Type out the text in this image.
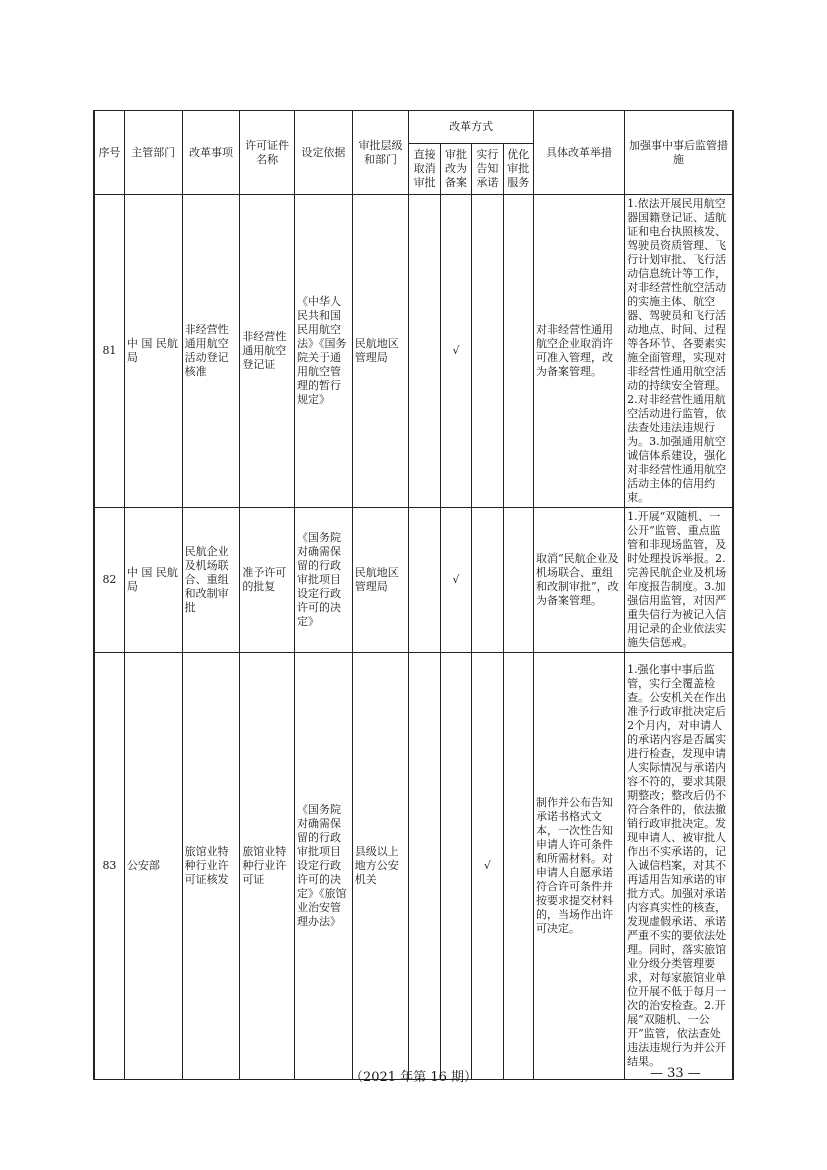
序号	主管部门	改革事项	许可证件名称	设定依据	审批层级和部门	改革方式				具体改革举措	加强事中事后监管措施
						直接取消审批	审批改为备案	实行告知承诺	优化审批服务		
81	中 国 民航局	非经营性通用航空活动登记核准	非经营性通用航空登记证	《中华人民共和国民用航空法》《国务院关于通用航空管理的暂行规定》	民航地区管理局		√			对非经营性通用航空企业取消许可准入管理，改为备案管理。	1.依法开展民用航空器国籍登记证、适航证和电台执照核发、驾驶员资质管理、飞行计划审批、飞行活动信息统计等工作，对非经营性航空活动的实施主体、航空器、驾驶员和飞行活动地点、时间、过程等各环节、各要素实施全面管理，实现对非经营性通用航空活动的持续安全管理。2.对非经营性通用航空活动进行监管，依法查处违法违规行为。3.加强通用航空诚信体系建设，强化对非经营性通用航空活动主体的信用约束。
82	中 国 民航局	民航企业及机场联合、重组和改制审批	准予许可的批复	《国务院对确需保留的行政审批项目设定行政许可的决定》	民航地区管理局		√			取消“民航企业及机场联合、重组和改制审批”，改为备案管理。	1.开展“双随机、一公开”监管、重点监管和非现场监管，及时处理投诉举报。2.完善民航企业及机场年度报告制度。3.加强信用监管，对因严重失信行为被记入信用记录的企业依法实施失信惩戒。
83	公安部	旅馆业特种行业许可证核发	旅馆业特种行业许可证	《国务院对确需保留的行政审批项目设定行政许可的决定》《旅馆业治安管理办法》	县级以上地方公安机关			√		制作并公布告知承诺书格式文本，一次性告知申请人许可条件和所需材料。对申请人自愿承诺符合许可条件并按要求提交材料的，当场作出许可决定。	1.强化事中事后监管，实行全覆盖检查。公安机关在作出准予行政审批决定后2个月内，对申请人的承诺内容是否属实进行检查，发现申请人实际情况与承诺内容不符的，要求其限期整改；整改后仍不符合条件的，依法撤销行政审批决定。发现申请人、被审批人作出不实承诺的，记入诚信档案，对其不再适用告知承诺的审批方式。加强对承诺内容真实性的核查，发现虚假承诺、承诺严重不实的要依法处理。同时，落实旅馆业分级分类管理要求，对每家旅馆业单位开展不低于每月一次的治安检查。2.开展“双随机、一公开”监管，依法查处违法违规行为并公开结果。
（2021 年第 16 期）	— 33 —
